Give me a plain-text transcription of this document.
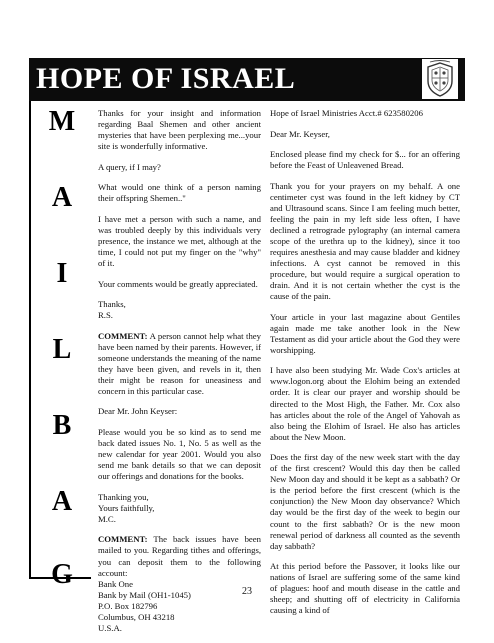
HOPE OF ISRAEL
M
A
I
L
B
A
G

Thanks for your insight and information regarding Baal Shemen and other ancient mysteries that have been perplexing me...your site is wonderfully informative.

A query, if I may?

What would one think of a person naming their offspring Shemen.."

I have met a person with such a name, and was troubled deeply by this individuals very presence, the instance we met, although at the time, I could not put my finger on the "why" of it.

Your comments would be greatly appreciated.

Thanks,
R.S.

COMMENT: A person cannot help what they have been named by their parents. However, if someone understands the meaning of the name they have been given, and revels in it, then their might be reason for uneasiness and concern in this particular case.

Dear Mr. John Keyser:

Please would you be so kind as to send me back dated issues No. 1, No. 5 as well as the new calendar for year 2001. Would you also send me bank details so that we can deposit our offerings and donations for the books.

Thanking you,
Yours faithfully,
M.C.

COMMENT: The back issues have been mailed to you. Regarding tithes and offerings, you can deposit them to the following account:

Bank One
Bank by Mail (OH1-1045)
P.O. Box 182796
Columbus, OH 43218
U.S.A.

Hope of Israel Ministries Acct.# 623580206

Dear Mr. Keyser,

Enclosed please find my check for $... for an offering before the Feast of Unleavened Bread.

Thank you for your prayers on my behalf. A one centimeter cyst was found in the left kidney by CT and Ultrasound scans. Since I am feeling much better, feeling the pain in my left side less often, I have declined a retrograde pylography (an internal camera scope of the urethra up to the kidney), since it too requires anesthesia and may cause bladder and kidney infections. A cyst cannot be removed in this procedure, but would require a surgical operation to drain. And it is not certain whether the cyst is the cause of the pain.

Your article in your last magazine about Gentiles again made me take another look in the New Testament as did your article about the God they were worshipping.

I have also been studying Mr. Wade Cox's articles at www.logon.org about the Elohim being an extended order. It is clear our prayer and worship should be directed to the Most High, the Father. Mr. Cox also has articles about the role of the Angel of Yahovah as also being the Elohim of Israel. He also has articles about the New Moon.

Does the first day of the new week start with the day of the first crescent? Would this day then be called New Moon day and should it be kept as a sabbath? Or is the period before the first crescent (which is the conjunction) the New Moon day observance? Which day would be the first day of the week to begin our count to the first sabbath? Or is the new moon renewal period of darkness all counted as the seventh day sabbath?

At this period before the Passover, it looks like our nations of Israel are suffering some of the same kind of plagues: hoof and mouth disease in the cattle and sheep; and shutting off of electricity in California causing a kind of

23
